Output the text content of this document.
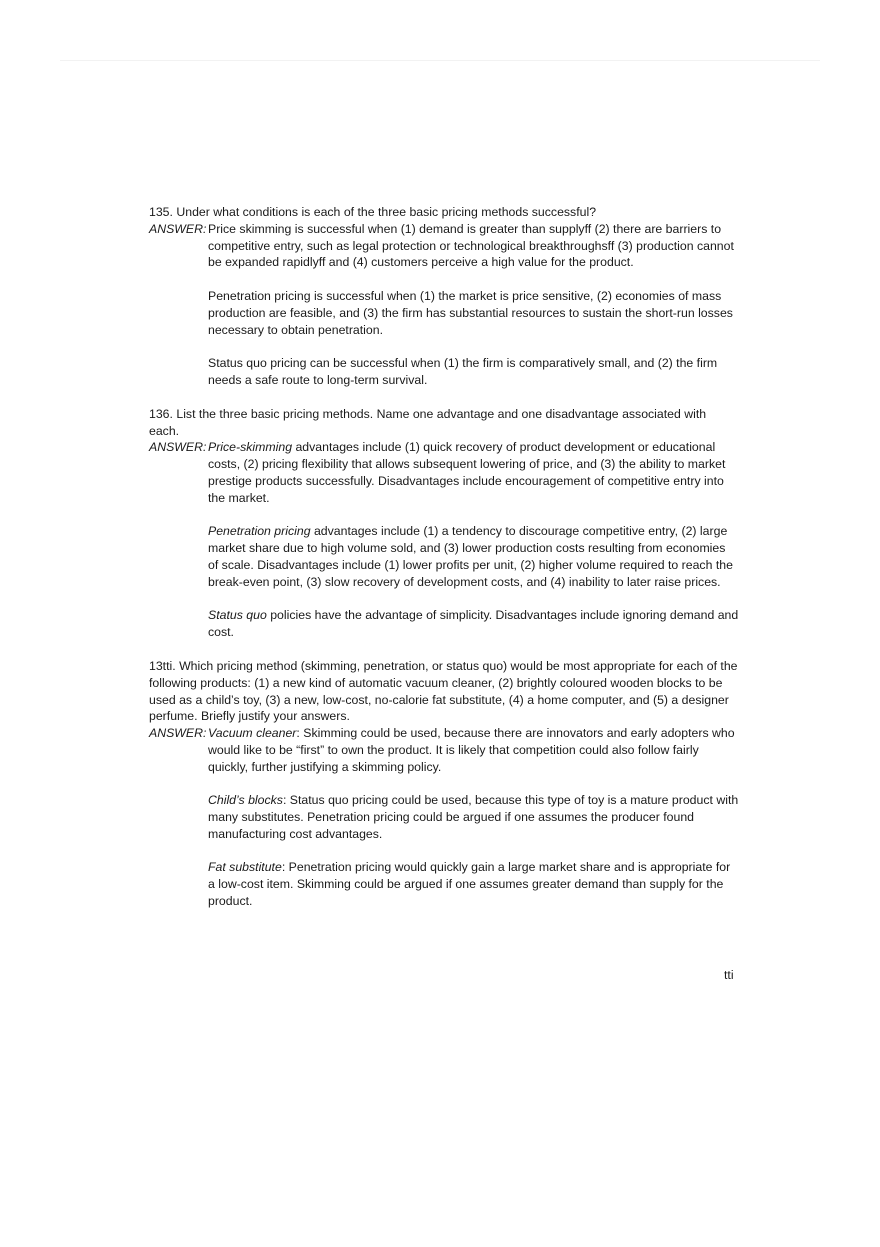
135. Under what conditions is each of the three basic pricing methods successful?

ANSWER: Price skimming is successful when (1) demand is greater than supplyff (2) there are barriers to competitive entry, such as legal protection or technological breakthroughsff (3) production cannot be expanded rapidlyff and (4) customers perceive a high value for the product.

Penetration pricing is successful when (1) the market is price sensitive, (2) economies of mass production are feasible, and (3) the firm has substantial resources to sustain the short-run losses necessary to obtain penetration.

Status quo pricing can be successful when (1) the firm is comparatively small, and (2) the firm needs a safe route to long-term survival.

136. List the three basic pricing methods. Name one advantage and one disadvantage associated with each.

ANSWER: Price-skimming advantages include (1) quick recovery of product development or educational costs, (2) pricing flexibility that allows subsequent lowering of price, and (3) the ability to market prestige products successfully. Disadvantages include encouragement of competitive entry into the market.

Penetration pricing advantages include (1) a tendency to discourage competitive entry, (2) large market share due to high volume sold, and (3) lower production costs resulting from economies of scale. Disadvantages include (1) lower profits per unit, (2) higher volume required to reach the break-even point, (3) slow recovery of development costs, and (4) inability to later raise prices.

Status quo policies have the advantage of simplicity. Disadvantages include ignoring demand and cost.

13tti. Which pricing method (skimming, penetration, or status quo) would be most appropriate for each of the following products: (1) a new kind of automatic vacuum cleaner, (2) brightly coloured wooden blocks to be used as a child’s toy, (3) a new, low-cost, no-calorie fat substitute, (4) a home computer, and (5) a designer perfume. Briefly justify your answers.

ANSWER: Vacuum cleaner: Skimming could be used, because there are innovators and early adopters who would like to be “first” to own the product. It is likely that competition could also follow fairly quickly, further justifying a skimming policy.

Child’s blocks: Status quo pricing could be used, because this type of toy is a mature product with many substitutes. Penetration pricing could be argued if one assumes the producer found manufacturing cost advantages.

Fat substitute: Penetration pricing would quickly gain a large market share and is appropriate for a low-cost item. Skimming could be argued if one assumes greater demand than supply for the product.

tti
